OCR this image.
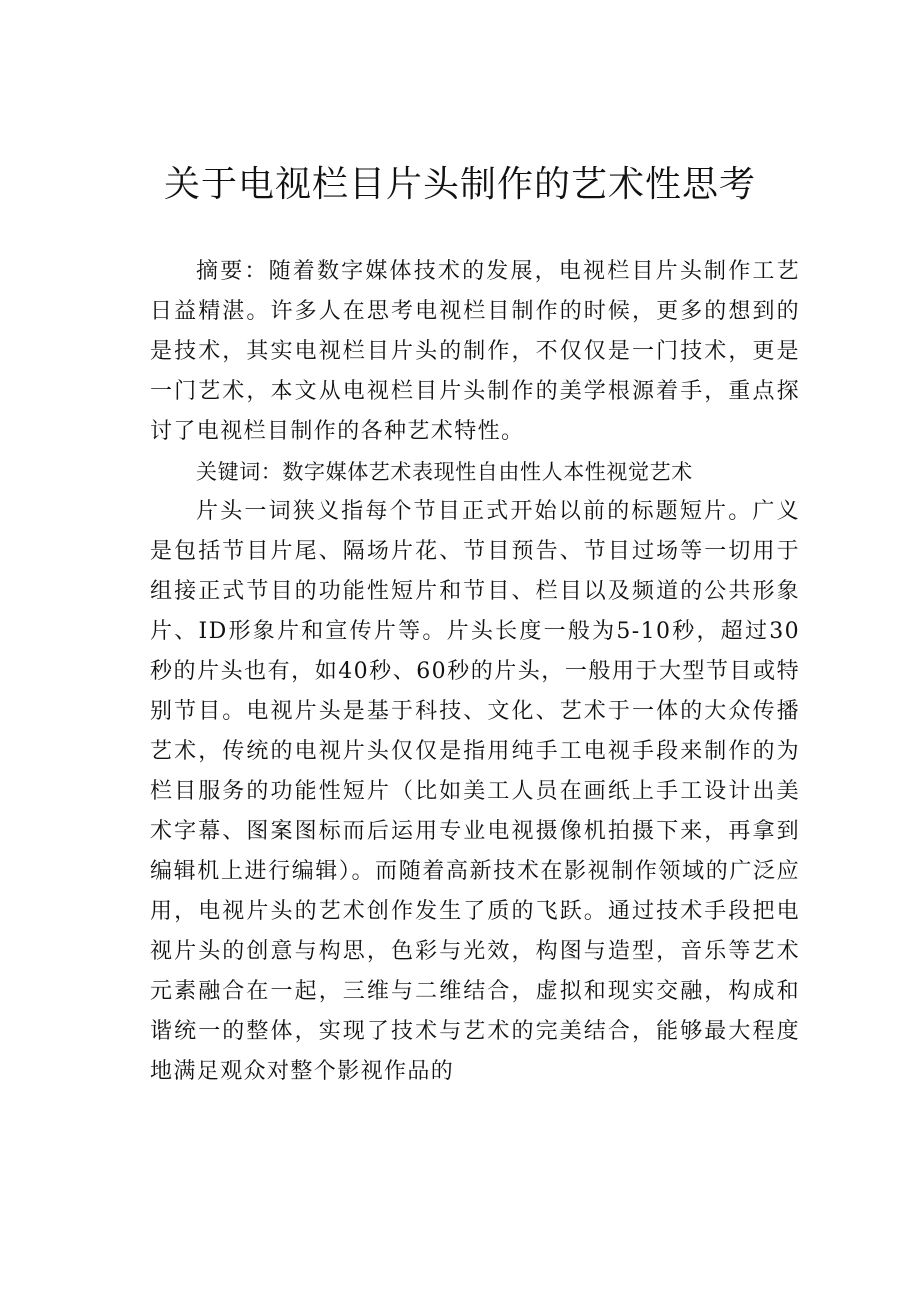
关于电视栏目片头制作的艺术性思考

摘要：随着数字媒体技术的发展，电视栏目片头制作工艺日益精湛。许多人在思考电视栏目制作的时候，更多的想到的是技术，其实电视栏目片头的制作，不仅仅是一门技术，更是一门艺术，本文从电视栏目片头制作的美学根源着手，重点探讨了电视栏目制作的各种艺术特性。

关键词：数字媒体艺术表现性自由性人本性视觉艺术

片头一词狭义指每个节目正式开始以前的标题短片。广义是包括节目片尾、隔场片花、节目预告、节目过场等一切用于组接正式节目的功能性短片和节目、栏目以及频道的公共形象片、ID形象片和宣传片等。片头长度一般为5-10秒，超过30秒的片头也有，如40秒、60秒的片头，一般用于大型节目或特别节目。电视片头是基于科技、文化、艺术于一体的大众传播艺术，传统的电视片头仅仅是指用纯手工电视手段来制作的为栏目服务的功能性短片（比如美工人员在画纸上手工设计出美术字幕、图案图标而后运用专业电视摄像机拍摄下来，再拿到编辑机上进行编辑）。而随着高新技术在影视制作领域的广泛应用，电视片头的艺术创作发生了质的飞跃。通过技术手段把电视片头的创意与构思，色彩与光效，构图与造型，音乐等艺术元素融合在一起，三维与二维结合，虚拟和现实交融，构成和谐统一的整体，实现了技术与艺术的完美结合，能够最大程度地满足观众对整个影视作品的
